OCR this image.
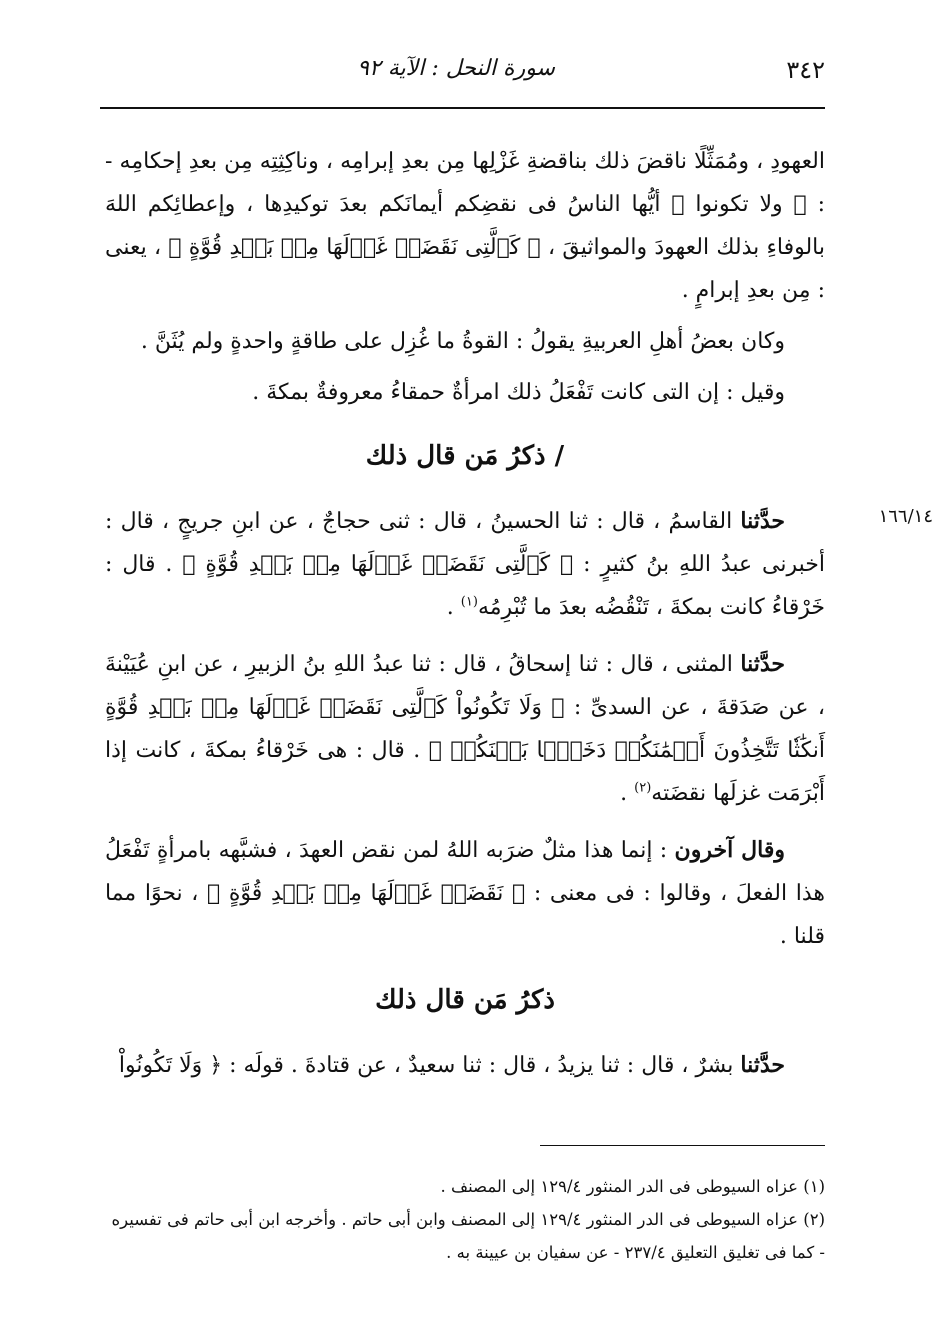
٣٤٢
سورة النحل : الآية ٩٢
١٦٦/١٤

العهودِ ، ومُمَثِّلًا ناقضَ ذلك بناقضةِ غَزْلِها مِن بعدِ إبرامِه ، وناكِثِتِه مِن بعدِ إحكامِه - : ﴿ ولا تكونوا ﴾ أيُّها الناسُ فى نقضِكم أيمانَكم بعدَ توكيدِها ، وإعطائِكم اللهَ بالوفاءِ بذلك العهودَ والمواثيقَ ، ﴿ كَٱلَّتِى نَقَضَتۡ غَزۡلَهَا مِنۢ بَعۡدِ قُوَّةٍ ﴾ ، يعنى : مِن بعدِ إبرامٍ .

وكان بعضُ أهلِ العربيةِ يقولُ : القوةُ ما غُزِل على طاقةٍ واحدةٍ ولم يُثَنَّ .

وقيل : إن التى كانت تَفْعَلُ ذلك امرأةٌ حمقاءُ معروفةٌ بمكةَ .

/ ذكرُ مَن قال ذلك

حدَّثنا القاسمُ ، قال : ثنا الحسينُ ، قال : ثنى حجاجٌ ، عن ابنِ جريجٍ ، قال : أخبرنى عبدُ اللهِ بنُ كثيرٍ : ﴿ كَٱلَّتِى نَقَضَتۡ غَزۡلَهَا مِنۢ بَعۡدِ قُوَّةٍ ﴾ . قال : خَرْقاءُ كانت بمكةَ ، تَنْقُضُه بعدَ ما تُبْرِمُه$^{(١)}$ .

حدَّثنا المثنى ، قال : ثنا إسحاقُ ، قال : ثنا عبدُ اللهِ بنُ الزبيرِ ، عن ابنِ عُيَيْنةَ ، عن صَدَقةَ ، عن السدىِّ : ﴿ وَلَا تَكُونُواْ كَٱلَّتِى نَقَضَتۡ غَزۡلَهَا مِنۢ بَعۡدِ قُوَّةٍ أَنكَٰثٗا تَتَّخِذُونَ أَيۡمَٰنَكُمۡ دَخَلَۢا بَيۡنَكُمۡ ﴾ . قال : هى خَرْقاءُ بمكةَ ، كانت إذا أَبْرَمَت غزلَها نقضَته$^{(٢)}$ .

وقال آخرون : إنما هذا مثلٌ ضرَبه اللهُ لمن نقض العهدَ ، فشبَّهه بامرأةٍ تَفْعَلُ هذا الفعلَ ، وقالوا : فى معنى : ﴿ نَقَضَتۡ غَزۡلَهَا مِنۢ بَعۡدِ قُوَّةٍ ﴾ ، نحوًا مما قلنا .

ذكرُ مَن قال ذلك

حدَّثنا بشرٌ ، قال : ثنا يزيدُ ، قال : ثنا سعيدٌ ، عن قتادةَ . قولَه : ﴿ وَلَا تَكُونُواْ

(١) عزاه السيوطى فى الدر المنثور ١٢٩/٤ إلى المصنف .

(٢) عزاه السيوطى فى الدر المنثور ١٢٩/٤ إلى المصنف وابن أبى حاتم . وأخرجه ابن أبى حاتم فى تفسيره - كما فى تغليق التعليق ٢٣٧/٤ - عن سفيان بن عيينة به .
